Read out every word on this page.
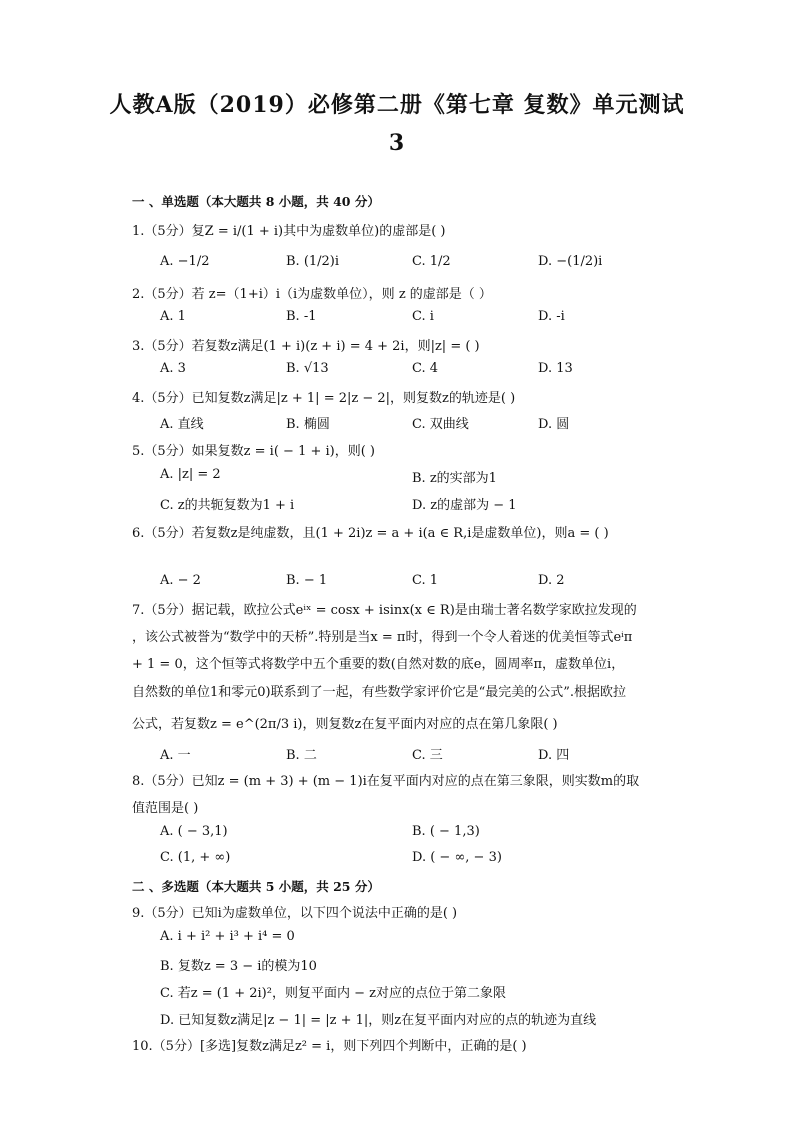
人教A版（2019）必修第二册《第七章 复数》单元测试
3
一 、单选题（本大题共 8 小题，共 40 分）
1.（5分）复Z = i/(1 + i)其中为虚数单位)的虚部是( )
A. −1/2	B. (1/2)i	C. 1/2	D. −(1/2)i
2.（5分）若 z=（1+i）i（i为虚数单位），则 z 的虚部是（ ）
A. 1	B. -1	C. i	D. -i
3.（5分）若复数z满足(1 + i)(z + i) = 4 + 2i，则|z| = ( )
A. 3	B. √13	C. 4	D. 13
4.（5分）已知复数z满足|z + 1| = 2|z − 2|，则复数z的轨迹是( )
A. 直线	B. 椭圆	C. 双曲线	D. 圆
5.（5分）如果复数z = i( − 1 + i)，则( )
A. |z| = 2	B. z的实部为1
C. z的共轭复数为1 + i	D. z的虚部为 − 1
6.（5分）若复数z是纯虚数，且(1 + 2i)z = a + i(a ∈ R,i是虚数单位)，则a = ( )
A. − 2	B. − 1	C. 1	D. 2
7.（5分）据记载，欧拉公式eⁱˣ = cosx + isinx(x ∈ R)是由瑞士著名数学家欧拉发现的
，该公式被誉为“数学中的天桥”.特别是当x = π时，得到一个令人着迷的优美恒等式eⁱπ
+ 1 = 0，这个恒等式将数学中五个重要的数(自然对数的底e，圆周率π，虚数单位i，
自然数的单位1和零元0)联系到了一起，有些数学家评价它是“最完美的公式”.根据欧拉
公式，若复数z = e^(2π/3 i)，则复数z在复平面内对应的点在第几象限( )
A. 一	B. 二	C. 三	D. 四
8.（5分）已知z = (m + 3) + (m − 1)i在复平面内对应的点在第三象限，则实数m的取
值范围是( )
A. ( − 3,1)	B. ( − 1,3)
C. (1, + ∞)	D. ( − ∞, − 3)
二 、多选题（本大题共 5 小题，共 25 分）
9.（5分）已知i为虚数单位，以下四个说法中正确的是( )
A. i + i² + i³ + i⁴ = 0
B. 复数z = 3 − i的模为10
C. 若z = (1 + 2i)²，则复平面内 − z对应的点位于第二象限
D. 已知复数z满足|z − 1| = |z + 1|，则z在复平面内对应的点的轨迹为直线
10.（5分）[多选]复数z满足z² = i，则下列四个判断中，正确的是( )
